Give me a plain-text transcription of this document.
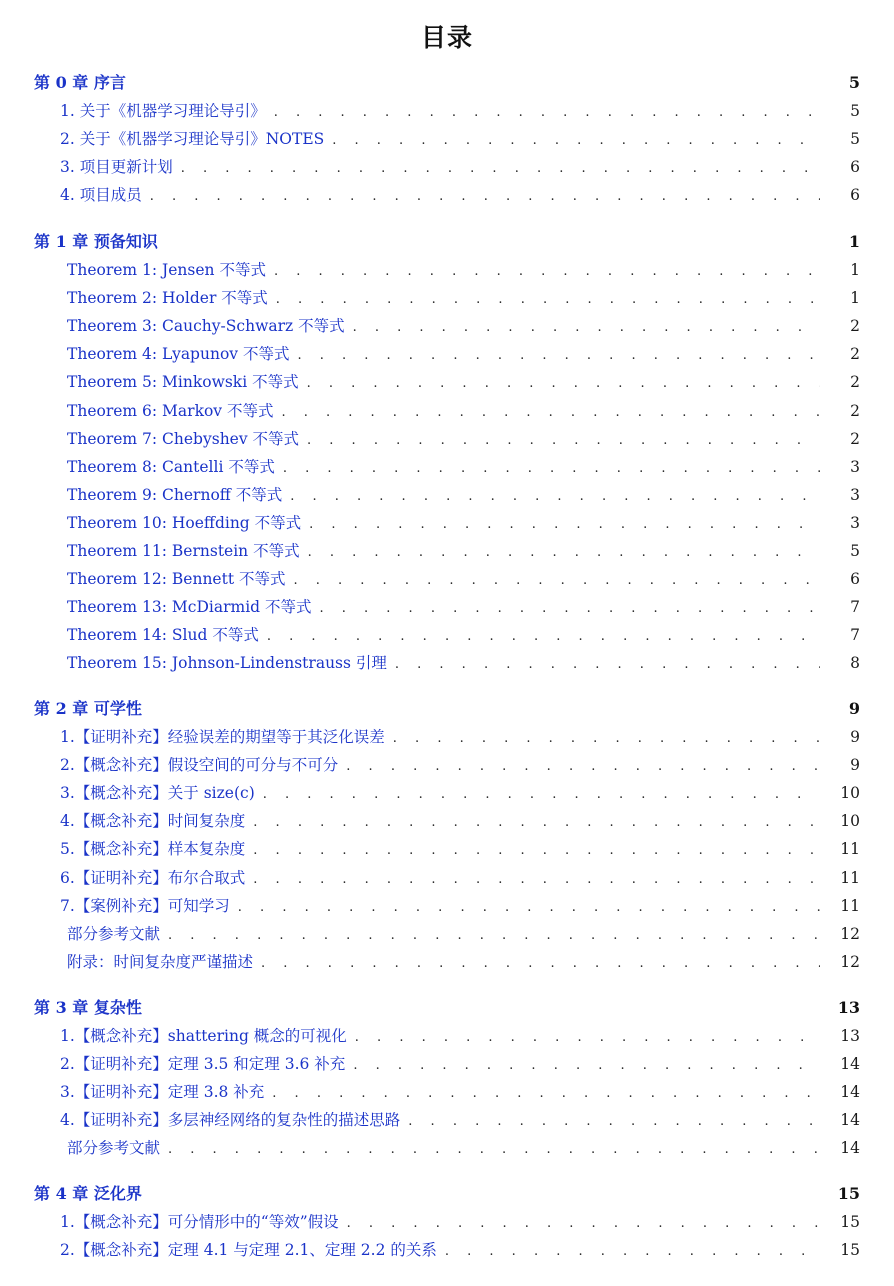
目录
第 0 章 序言	5
1. 关于《机器学习理论导引》 . . .	5
2. 关于《机器学习理论导引》NOTES . . .	5
3. 项目更新计划 . . .	6
4. 项目成员 . . .	6
第 1 章 预备知识	1
Theorem 1: Jensen 不等式 . . .	1
Theorem 2: Holder 不等式 . . .	1
Theorem 3: Cauchy-Schwarz 不等式 . . .	2
Theorem 4: Lyapunov 不等式 . . .	2
Theorem 5: Minkowski 不等式 . . .	2
Theorem 6: Markov 不等式 . . .	2
Theorem 7: Chebyshev 不等式 . . .	2
Theorem 8: Cantelli 不等式 . . .	3
Theorem 9: Chernoff 不等式 . . .	3
Theorem 10: Hoeffding 不等式 . . .	3
Theorem 11: Bernstein 不等式 . . .	5
Theorem 12: Bennett 不等式 . . .	6
Theorem 13: McDiarmid 不等式 . . .	7
Theorem 14: Slud 不等式 . . .	7
Theorem 15: Johnson-Lindenstrauss 引理 . . .	8
第 2 章 可学性	9
1.【证明补充】经验误差的期望等于其泛化误差 . . .	9
2.【概念补充】假设空间的可分与不可分 . . .	9
3.【概念补充】关于 size(c) . . .	10
4.【概念补充】时间复杂度 . . .	10
5.【概念补充】样本复杂度 . . .	11
6.【证明补充】布尔合取式 . . .	11
7.【案例补充】可知学习 . . .	11
部分参考文献 . . .	12
附录：时间复杂度严谨描述 . . .	12
第 3 章 复杂性	13
1.【概念补充】shattering 概念的可视化 . . .	13
2.【证明补充】定理 3.5 和定理 3.6 补充 . . .	14
3.【证明补充】定理 3.8 补充 . . .	14
4.【证明补充】多层神经网络的复杂性的描述思路 . . .	14
部分参考文献 . . .	14
第 4 章 泛化界	15
1.【概念补充】可分情形中的“等效”假设 . . .	15
2.【概念补充】定理 4.1 与定理 2.1、定理 2.2 的关系 . . .	15
